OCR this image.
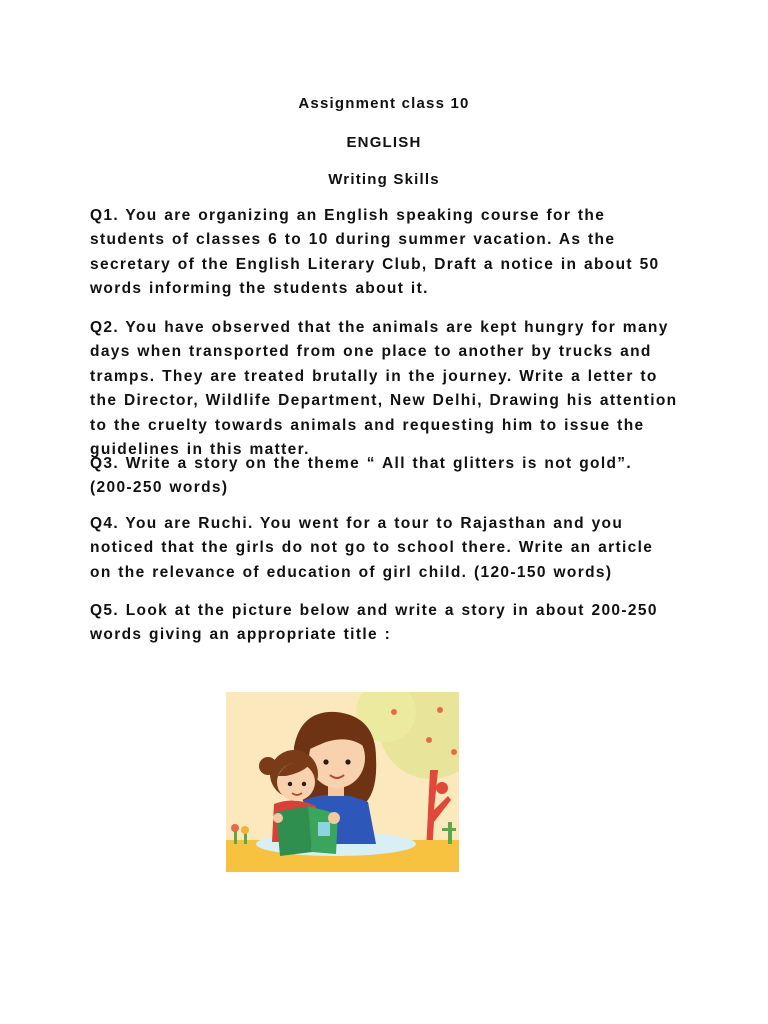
Assignment class 10
ENGLISH
Writing Skills
Q1. You are organizing an English speaking course for the students of classes 6 to 10 during summer vacation. As the secretary of the English Literary Club, Draft a notice in about 50 words informing the students about it.
Q2. You have observed that the animals are kept hungry for many days when transported from one place to another by trucks and tramps. They are treated brutally in the journey. Write a letter to the Director, Wildlife Department, New Delhi, Drawing his attention to the cruelty towards animals and requesting him to issue the guidelines in this matter.
Q3. Write a story on the theme “ All that glitters is not gold”. (200-250 words)
Q4. You are Ruchi. You went for a tour to Rajasthan and you noticed that the girls do not go to school there. Write an article on the relevance of education of girl child. (120-150 words)
Q5. Look at the picture below and write a story in about 200-250 words giving an appropriate title :
